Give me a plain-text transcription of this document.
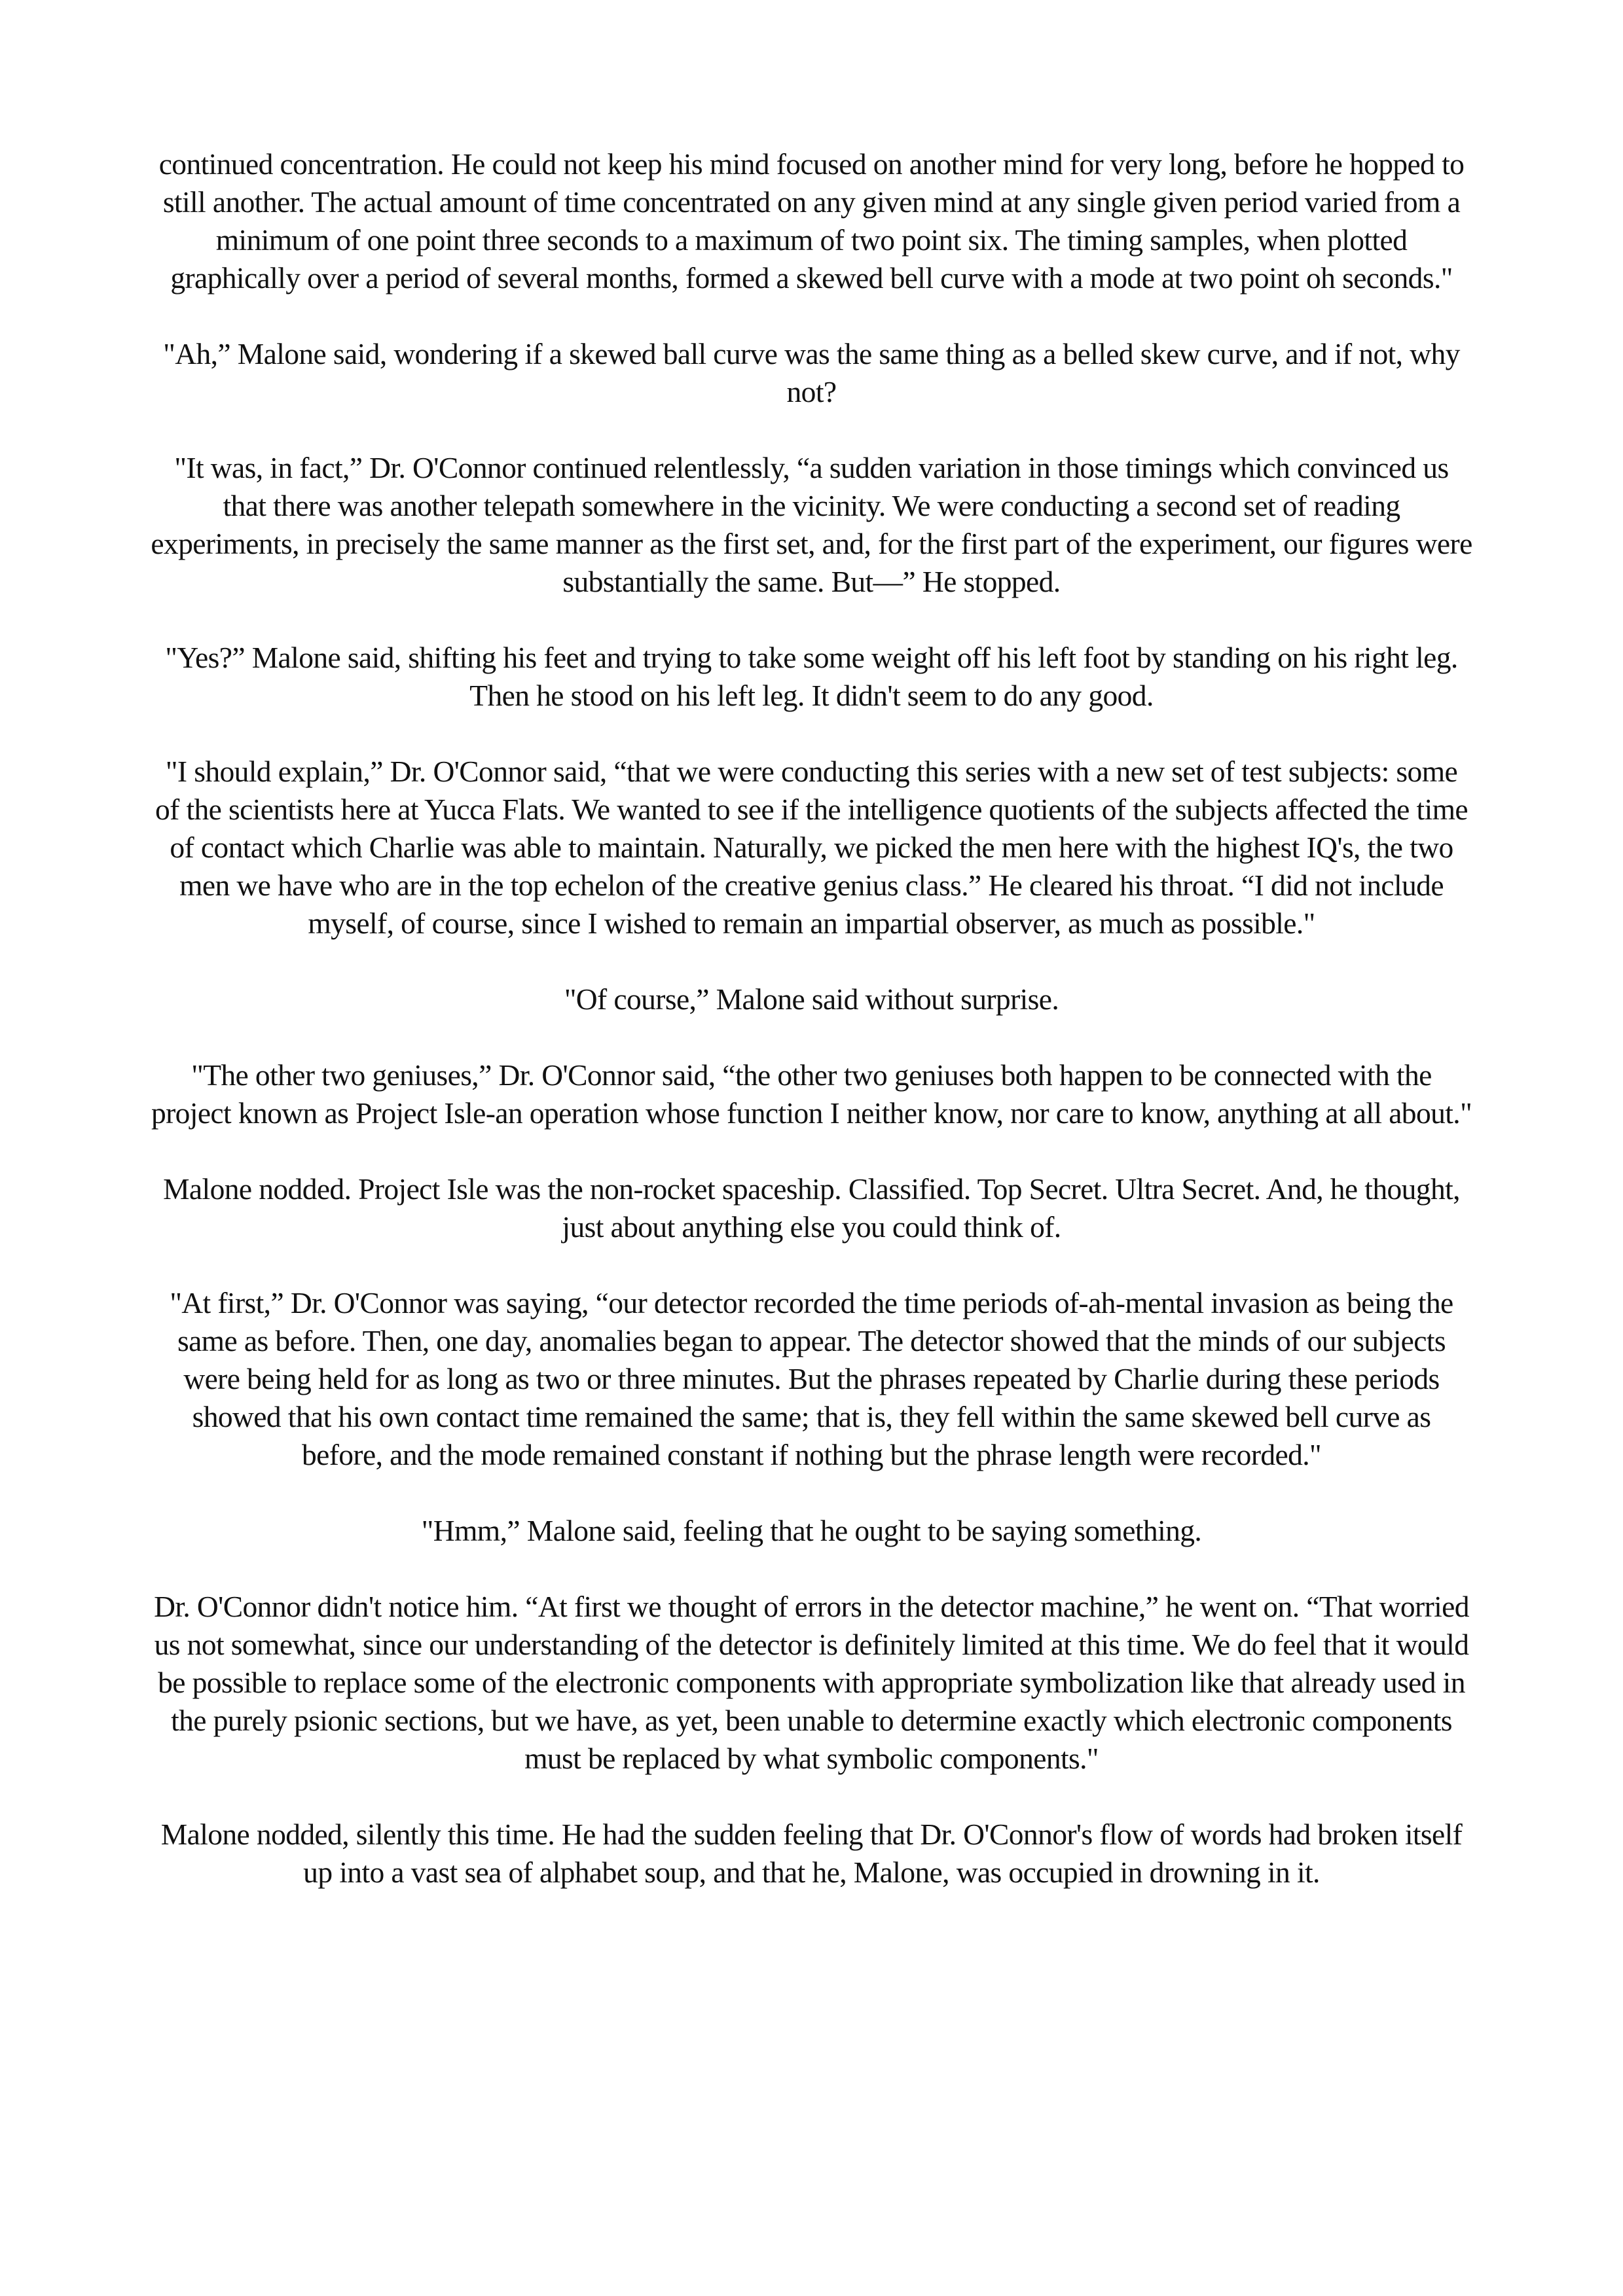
continued concentration. He could not keep his mind focused on another mind for very long, before he hopped to still another. The actual amount of time concentrated on any given mind at any single given period varied from a minimum of one point three seconds to a maximum of two point six. The timing samples, when plotted graphically over a period of several months, formed a skewed bell curve with a mode at two point oh seconds."

"Ah,” Malone said, wondering if a skewed ball curve was the same thing as a belled skew curve, and if not, why not?

"It was, in fact,” Dr. O'Connor continued relentlessly, “a sudden variation in those timings which convinced us that there was another telepath somewhere in the vicinity. We were conducting a second set of reading experiments, in precisely the same manner as the first set, and, for the first part of the experiment, our figures were substantially the same. But—” He stopped.

"Yes?” Malone said, shifting his feet and trying to take some weight off his left foot by standing on his right leg. Then he stood on his left leg. It didn't seem to do any good.

"I should explain,” Dr. O'Connor said, “that we were conducting this series with a new set of test subjects: some of the scientists here at Yucca Flats. We wanted to see if the intelligence quotients of the subjects affected the time of contact which Charlie was able to maintain. Naturally, we picked the men here with the highest IQ's, the two men we have who are in the top echelon of the creative genius class.” He cleared his throat. “I did not include myself, of course, since I wished to remain an impartial observer, as much as possible."

"Of course,” Malone said without surprise.

"The other two geniuses,” Dr. O'Connor said, “the other two geniuses both happen to be connected with the project known as Project Isle-an operation whose function I neither know, nor care to know, anything at all about."

Malone nodded. Project Isle was the non-rocket spaceship. Classified. Top Secret. Ultra Secret. And, he thought, just about anything else you could think of.

"At first,” Dr. O'Connor was saying, “our detector recorded the time periods of-ah-mental invasion as being the same as before. Then, one day, anomalies began to appear. The detector showed that the minds of our subjects were being held for as long as two or three minutes. But the phrases repeated by Charlie during these periods showed that his own contact time remained the same; that is, they fell within the same skewed bell curve as before, and the mode remained constant if nothing but the phrase length were recorded."

"Hmm,” Malone said, feeling that he ought to be saying something.

Dr. O'Connor didn't notice him. “At first we thought of errors in the detector machine,” he went on. “That worried us not somewhat, since our understanding of the detector is definitely limited at this time. We do feel that it would be possible to replace some of the electronic components with appropriate symbolization like that already used in the purely psionic sections, but we have, as yet, been unable to determine exactly which electronic components must be replaced by what symbolic components."

Malone nodded, silently this time. He had the sudden feeling that Dr. O'Connor's flow of words had broken itself up into a vast sea of alphabet soup, and that he, Malone, was occupied in drowning in it.
